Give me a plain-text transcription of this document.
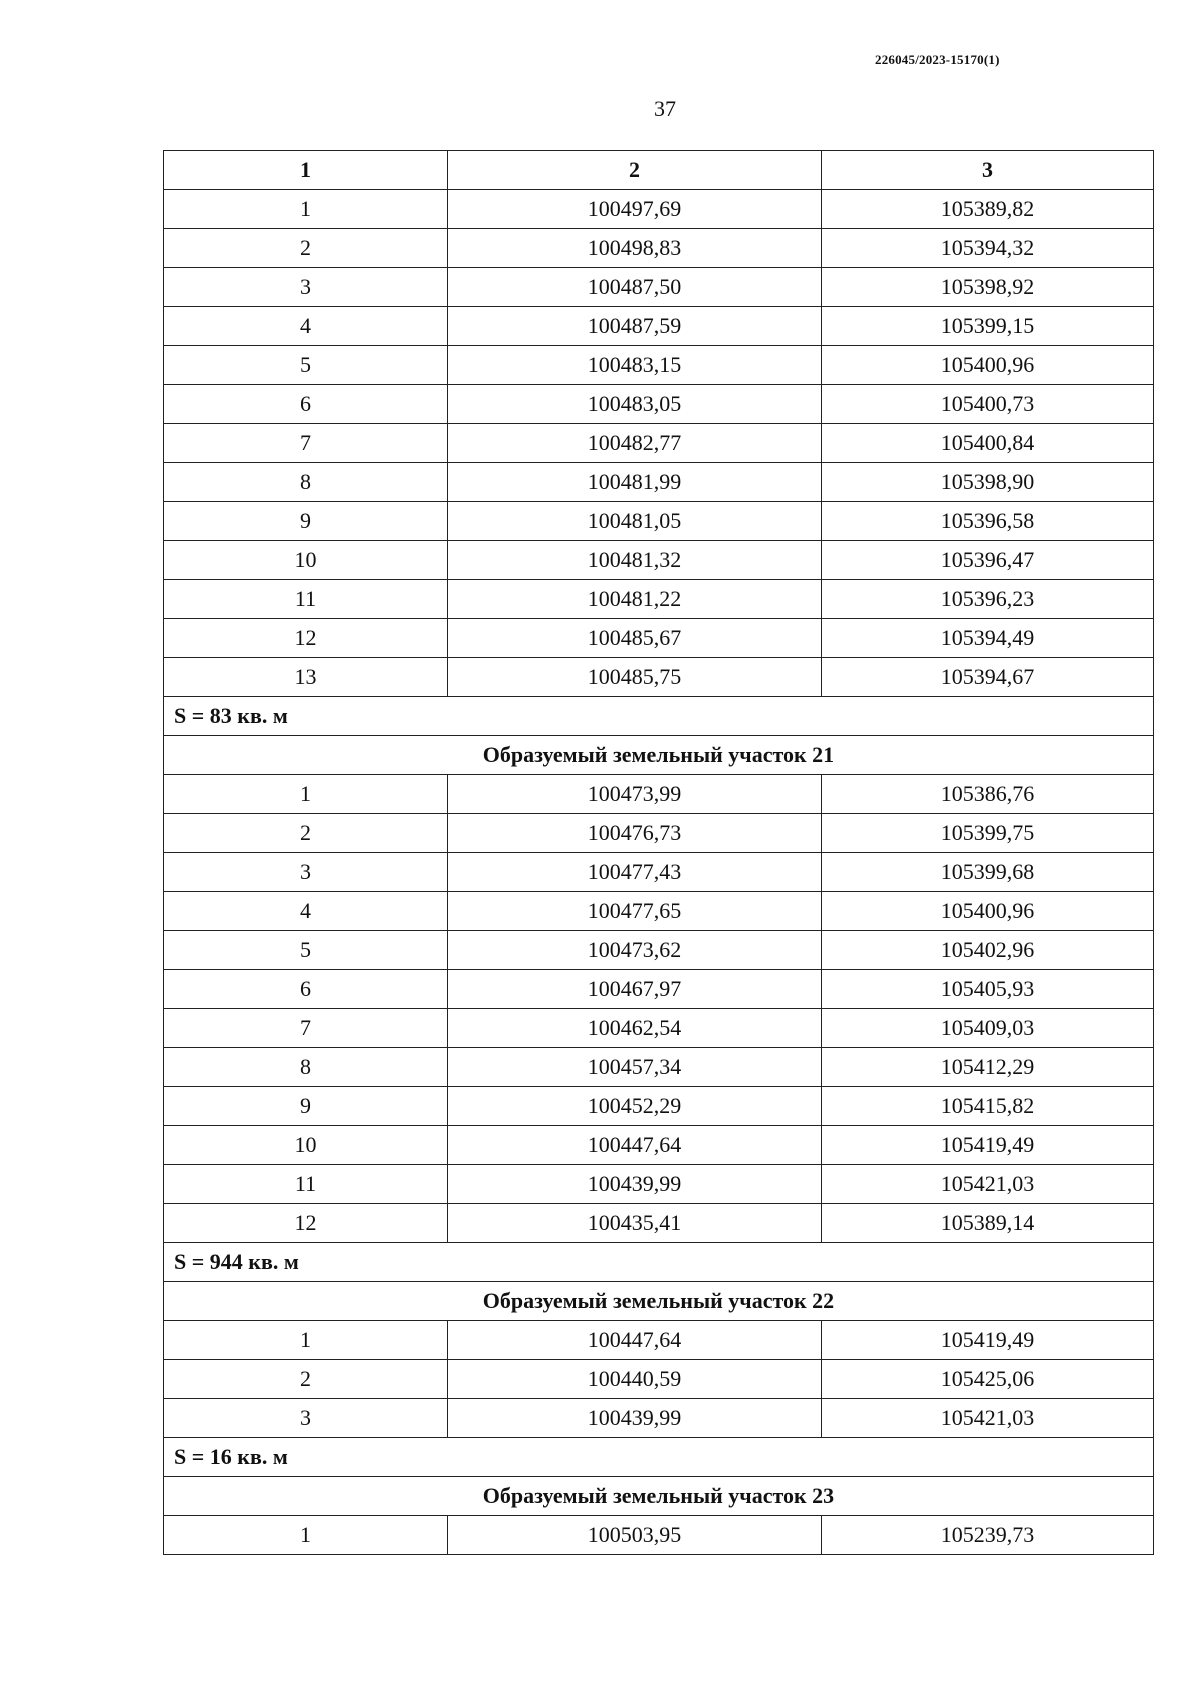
226045/2023-15170(1)
37
1	2	3
1	100497,69	105389,82
2	100498,83	105394,32
3	100487,50	105398,92
4	100487,59	105399,15
5	100483,15	105400,96
6	100483,05	105400,73
7	100482,77	105400,84
8	100481,99	105398,90
9	100481,05	105396,58
10	100481,32	105396,47
11	100481,22	105396,23
12	100485,67	105394,49
13	100485,75	105394,67
S = 83 кв. м		
Образуемый земельный участок 21		
1	100473,99	105386,76
2	100476,73	105399,75
3	100477,43	105399,68
4	100477,65	105400,96
5	100473,62	105402,96
6	100467,97	105405,93
7	100462,54	105409,03
8	100457,34	105412,29
9	100452,29	105415,82
10	100447,64	105419,49
11	100439,99	105421,03
12	100435,41	105389,14
S = 944 кв. м		
Образуемый земельный участок 22		
1	100447,64	105419,49
2	100440,59	105425,06
3	100439,99	105421,03
S = 16 кв. м		
Образуемый земельный участок 23		
1	100503,95	105239,73
